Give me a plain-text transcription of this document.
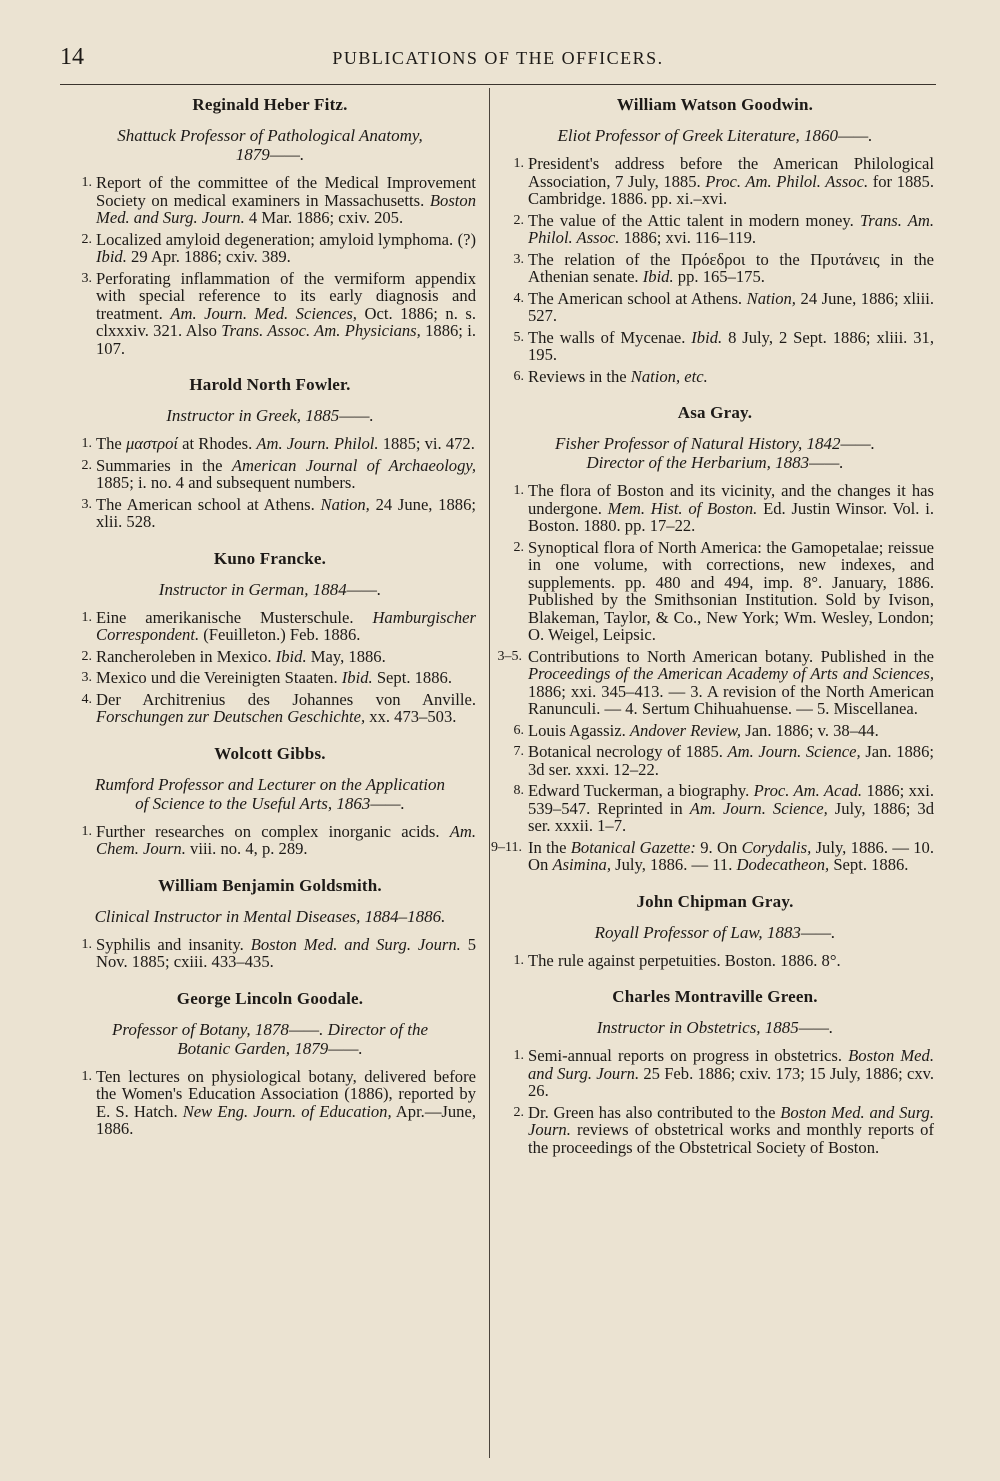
14	PUBLICATIONS OF THE OFFICERS.
Reginald Heber Fitz.
Shattuck Professor of Pathological Anatomy,
1879——.
1. Report of the committee of the Medical Improvement Society on medical examiners in Massachusetts. Boston Med. and Surg. Journ. 4 Mar. 1886; cxiv. 205.
2. Localized amyloid degeneration; amyloid lymphoma. (?) Ibid. 29 Apr. 1886; cxiv. 389.
3. Perforating inflammation of the vermiform appendix with special reference to its early diagnosis and treatment. Am. Journ. Med. Sciences, Oct. 1886; n. s. clxxxiv. 321. Also Trans. Assoc. Am. Physicians, 1886; i. 107.
Harold North Fowler.
Instructor in Greek, 1885——.
1. The μαστροί at Rhodes. Am. Journ. Philol. 1885; vi. 472.
2. Summaries in the American Journal of Archaeology, 1885; i. no. 4 and subsequent numbers.
3. The American school at Athens. Nation, 24 June, 1886; xlii. 528.
Kuno Francke.
Instructor in German, 1884——.
1. Eine amerikanische Musterschule. Hamburgischer Correspondent. (Feuilleton.) Feb. 1886.
2. Rancheroleben in Mexico. Ibid. May, 1886.
3. Mexico und die Vereinigten Staaten. Ibid. Sept. 1886.
4. Der Architrenius des Johannes von Anville. Forschungen zur Deutschen Geschichte, xx. 473–503.
Wolcott Gibbs.
Rumford Professor and Lecturer on the Application
of Science to the Useful Arts, 1863——.
1. Further researches on complex inorganic acids. Am. Chem. Journ. viii. no. 4, p. 289.
William Benjamin Goldsmith.
Clinical Instructor in Mental Diseases, 1884–1886.
1. Syphilis and insanity. Boston Med. and Surg. Journ. 5 Nov. 1885; cxiii. 433–435.
George Lincoln Goodale.
Professor of Botany, 1878——. Director of the
Botanic Garden, 1879——.
1. Ten lectures on physiological botany, delivered before the Women's Education Association (1886), reported by E. S. Hatch. New Eng. Journ. of Education, Apr.—June, 1886.
William Watson Goodwin.
Eliot Professor of Greek Literature, 1860——.
1. President's address before the American Philological Association, 7 July, 1885. Proc. Am. Philol. Assoc. for 1885. Cambridge. 1886. pp. xi.–xvi.
2. The value of the Attic talent in modern money. Trans. Am. Philol. Assoc. 1886; xvi. 116–119.
3. The relation of the Πρόεδροι to the Πρυτάνεις in the Athenian senate. Ibid. pp. 165–175.
4. The American school at Athens. Nation, 24 June, 1886; xliii. 527.
5. The walls of Mycenae. Ibid. 8 July, 2 Sept. 1886; xliii. 31, 195.
6. Reviews in the Nation, etc.
Asa Gray.
Fisher Professor of Natural History, 1842——.
Director of the Herbarium, 1883——.
1. The flora of Boston and its vicinity, and the changes it has undergone. Mem. Hist. of Boston. Ed. Justin Winsor. Vol. i. Boston. 1880. pp. 17–22.
2. Synoptical flora of North America: the Gamopetalae; reissue in one volume, with corrections, new indexes, and supplements. pp. 480 and 494, imp. 8°. January, 1886. Published by the Smithsonian Institution. Sold by Ivison, Blakeman, Taylor, & Co., New York; Wm. Wesley, London; O. Weigel, Leipsic.
3–5. Contributions to North American botany. Published in the Proceedings of the American Academy of Arts and Sciences, 1886; xxi. 345–413. — 3. A revision of the North American Ranunculi. — 4. Sertum Chihuahuense. — 5. Miscellanea.
6. Louis Agassiz. Andover Review, Jan. 1886; v. 38–44.
7. Botanical necrology of 1885. Am. Journ. Science, Jan. 1886; 3d ser. xxxi. 12–22.
8. Edward Tuckerman, a biography. Proc. Am. Acad. 1886; xxi. 539–547. Reprinted in Am. Journ. Science, July, 1886; 3d ser. xxxii. 1–7.
9–11. In the Botanical Gazette: 9. On Corydalis, July, 1886. — 10. On Asimina, July, 1886. — 11. Dodecatheon, Sept. 1886.
John Chipman Gray.
Royall Professor of Law, 1883——.
1. The rule against perpetuities. Boston. 1886. 8°.
Charles Montraville Green.
Instructor in Obstetrics, 1885——.
1. Semi-annual reports on progress in obstetrics. Boston Med. and Surg. Journ. 25 Feb. 1886; cxiv. 173; 15 July, 1886; cxv. 26.
2. Dr. Green has also contributed to the Boston Med. and Surg. Journ. reviews of obstetrical works and monthly reports of the proceedings of the Obstetrical Society of Boston.
